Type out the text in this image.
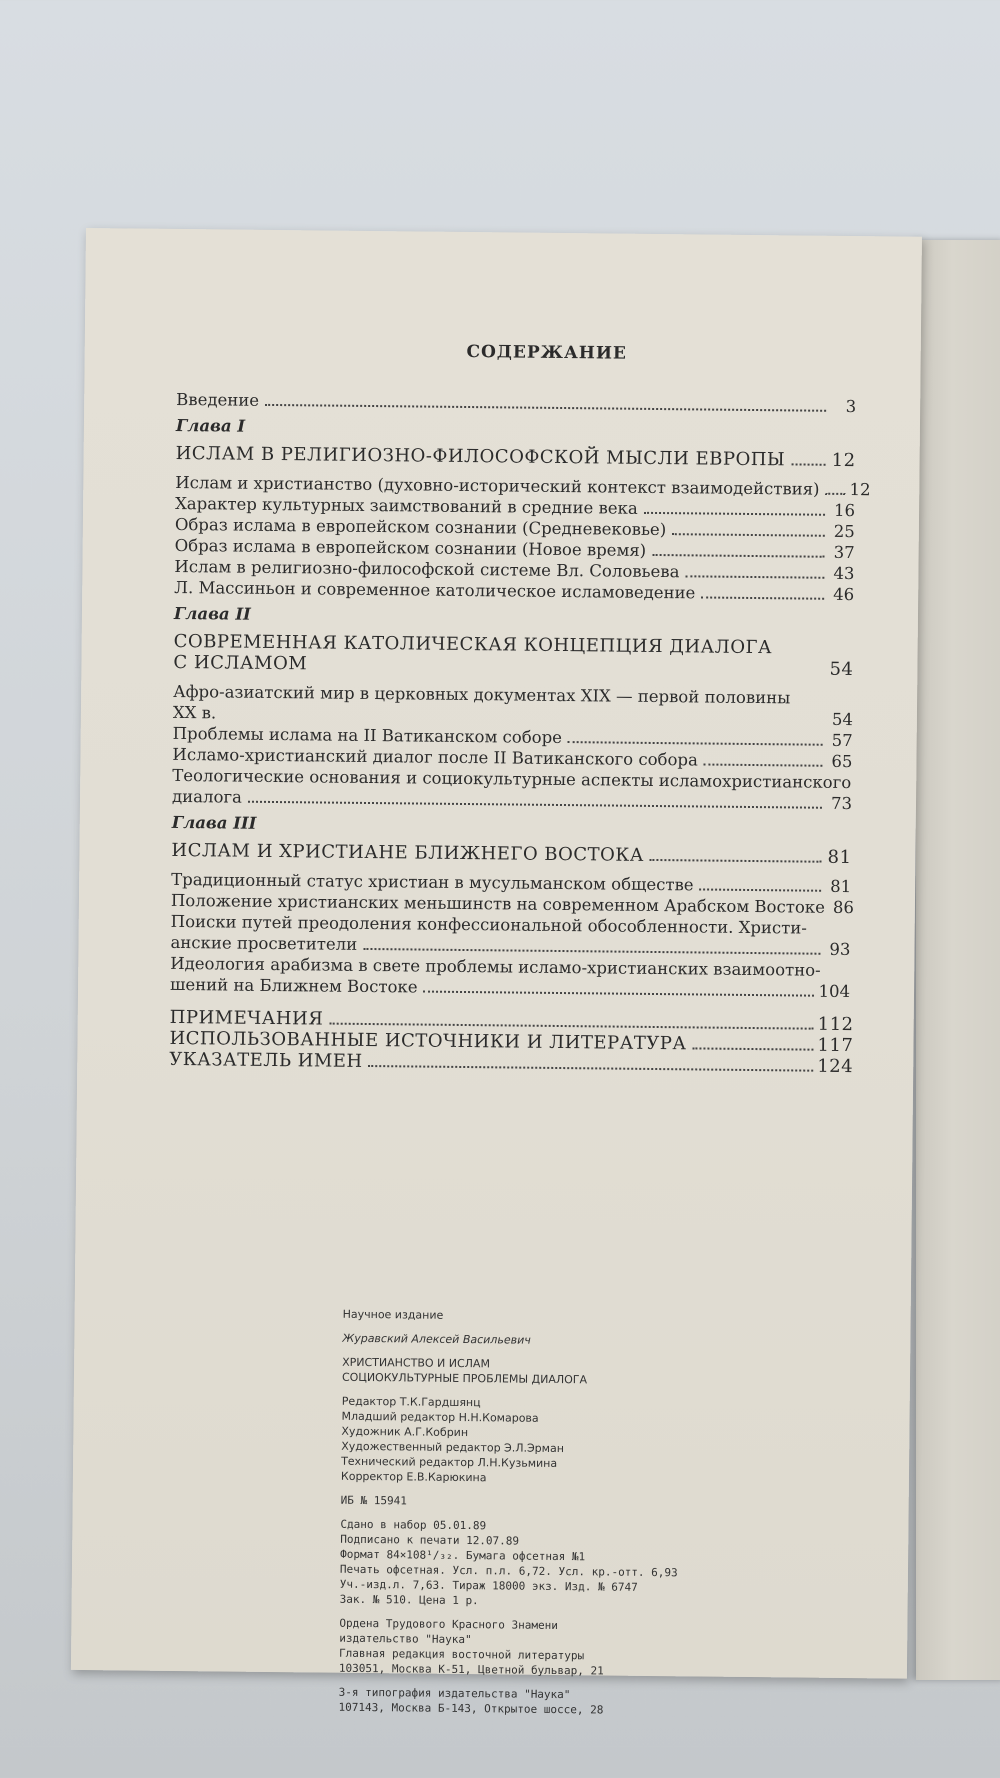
СОДЕРЖАНИЕ
Введение	3
Глава I
ИСЛАМ В РЕЛИГИОЗНО-ФИЛОСОФСКОЙ МЫСЛИ ЕВРОПЫ	12
Ислам и христианство (духовно-исторический контекст взаимодействия) 12
Характер культурных заимствований в средние века	16
Образ ислама в европейском сознании (Средневековье)	25
Образ ислама в европейском сознании (Новое время)	37
Ислам в религиозно-философской системе Вл. Соловьева	43
Л. Массиньон и современное католическое исламоведение	46
Глава II
СОВРЕМЕННАЯ КАТОЛИЧЕСКАЯ КОНЦЕПЦИЯ ДИАЛОГА
С ИСЛАМОМ	54
Афро-азиатский мир в церковных документах XIX — первой половины
XX в.	54
Проблемы ислама на II Ватиканском соборе	57
Исламо-христианский диалог после II Ватиканского собора	65
Теологические основания и социокультурные аспекты исламохристианского
диалога	73
Глава III
ИСЛАМ И ХРИСТИАНЕ БЛИЖНЕГО ВОСТОКА	81
Традиционный статус христиан в мусульманском обществе	81
Положение христианских меньшинств на современном Арабском Востоке 86
Поиски путей преодоления конфессиональной обособленности. Христи-
анские просветители	93
Идеология арабизма в свете проблемы исламо-христианских взаимоотно-
шений на Ближнем Востоке	104
ПРИМЕЧАНИЯ	112
ИСПОЛЬЗОВАННЫЕ ИСТОЧНИКИ И ЛИТЕРАТУРА	117
УКАЗАТЕЛЬ ИМЕН	124
Научное издание
Журавский Алексей Васильевич
ХРИСТИАНСТВО И ИСЛАМ
СОЦИОКУЛЬТУРНЫЕ ПРОБЛЕМЫ ДИАЛОГА
Редактор Т.К.Гардшянц
Младший редактор Н.Н.Комарова
Художник А.Г.Кобрин
Художественный редактор Э.Л.Эрман
Технический редактор Л.Н.Кузьмина
Корректор Е.В.Карюкина
ИБ № 15941
Сдано в набор 05.01.89
Подписано к печати 12.07.89
Формат 84×108¹/₃₂. Бумага офсетная №1
Печать офсетная. Усл. п.л. 6,72. Усл. кр.-отт. 6,93
Уч.-изд.л. 7,63. Тираж 18000 экз. Изд. № 6747
Зак. № 510. Цена 1 р.
Ордена Трудового Красного Знамени
издательство "Наука"
Главная редакция восточной литературы
103051, Москва К-51, Цветной бульвар, 21
3-я типография издательства "Наука"
107143, Москва Б-143, Открытое шоссе, 28
